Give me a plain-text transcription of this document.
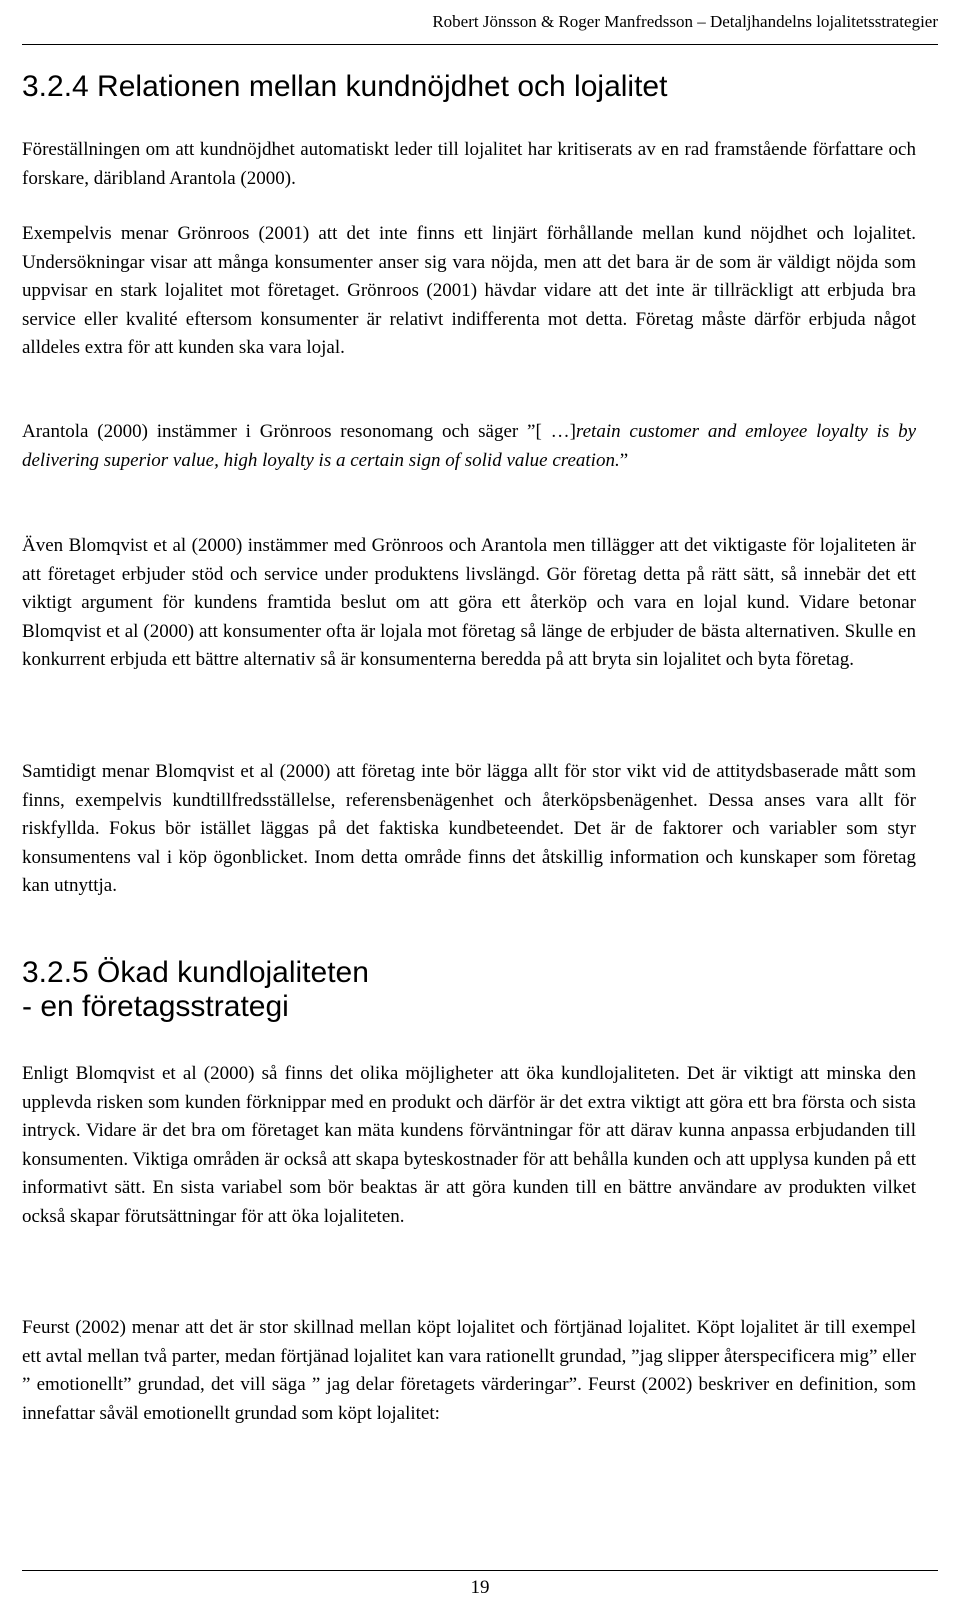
Robert Jönsson & Roger Manfredsson – Detaljhandelns lojalitetsstrategier
3.2.4 Relationen mellan kundnöjdhet och lojalitet

Föreställningen om att kundnöjdhet automatiskt leder till lojalitet har kritiserats av en rad framstående författare och forskare, däribland Arantola (2000).

Exempelvis menar Grönroos (2001) att det inte finns ett linjärt förhållande mellan kund nöjdhet och lojalitet. Undersökningar visar att många konsumenter anser sig vara nöjda, men att det bara är de som är väldigt nöjda som uppvisar en stark lojalitet mot företaget. Grönroos (2001) hävdar vidare att det inte är tillräckligt att erbjuda bra service eller kvalité eftersom konsumenter är relativt indifferenta mot detta. Företag måste därför erbjuda något alldeles extra för att kunden ska vara lojal.

Arantola (2000) instämmer i Grönroos resonomang och säger ”[ …]retain customer and emloyee loyalty is by delivering superior value, high loyalty is a certain sign of solid value creation.”

Även Blomqvist et al (2000) instämmer med Grönroos och Arantola men tillägger att det viktigaste för lojaliteten är att företaget erbjuder stöd och service under produktens livslängd. Gör företag detta på rätt sätt, så innebär det ett viktigt argument för kundens framtida beslut om att göra ett återköp och vara en lojal kund. Vidare betonar Blomqvist et al (2000) att konsumenter ofta är lojala mot företag så länge de erbjuder de bästa alternativen. Skulle en konkurrent erbjuda ett bättre alternativ så är konsumenterna beredda på att bryta sin lojalitet och byta företag.

Samtidigt menar Blomqvist et al (2000) att företag inte bör lägga allt för stor vikt vid de attitydsbaserade mått som finns, exempelvis kundtillfredsställelse, referensbenägenhet och återköpsbenägenhet. Dessa anses vara allt för riskfyllda. Fokus bör istället läggas på det faktiska kundbeteendet. Det är de faktorer och variabler som styr konsumentens val i köp ögonblicket. Inom detta område finns det åtskillig information och kunskaper som företag kan utnyttja.

3.2.5 Ökad kundlojaliteten
- en företagsstrategi

Enligt Blomqvist et al (2000) så finns det olika möjligheter att öka kundlojaliteten. Det är viktigt att minska den upplevda risken som kunden förknippar med en produkt och därför är det extra viktigt att göra ett bra första och sista intryck. Vidare är det bra om företaget kan mäta kundens förväntningar för att därav kunna anpassa erbjudanden till konsumenten. Viktiga områden är också att skapa byteskostnader för att behålla kunden och att upplysa kunden på ett informativt sätt. En sista variabel som bör beaktas är att göra kunden till en bättre användare av produkten vilket också skapar förutsättningar för att öka lojaliteten.

Feurst (2002) menar att det är stor skillnad mellan köpt lojalitet och förtjänad lojalitet. Köpt lojalitet är till exempel ett avtal mellan två parter, medan förtjänad lojalitet kan vara rationellt grundad, ”jag slipper återspecificera mig” eller ” emotionellt” grundad, det vill säga ” jag delar företagets värderingar”. Feurst (2002) beskriver en definition, som innefattar såväl emotionellt grundad som köpt lojalitet:

19
